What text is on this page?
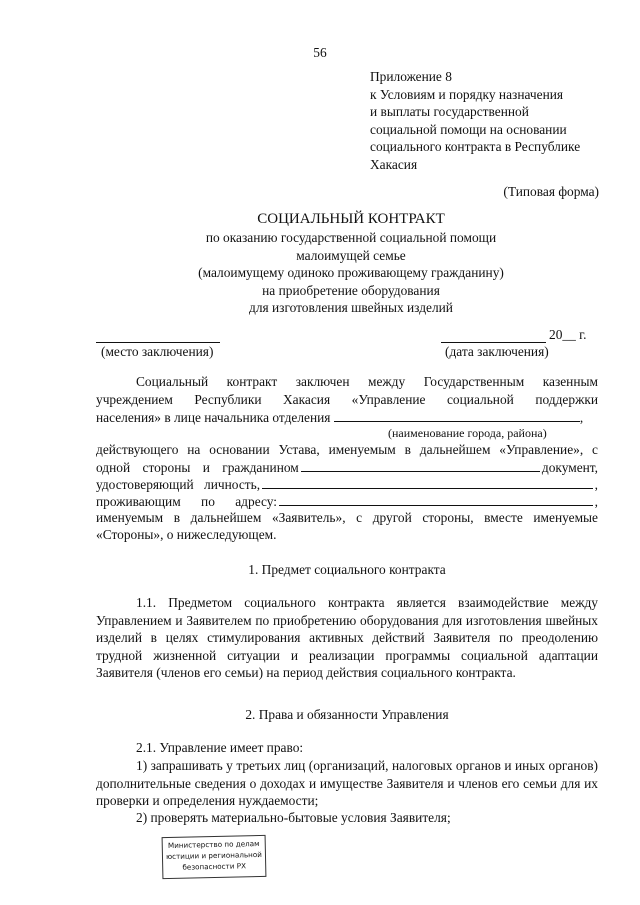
56
Приложение 8
к Условиям и порядку назначения
и выплаты государственной
социальной помощи на основании
социального контракта в Республике
Хакасия
(Типовая форма)
СОЦИАЛЬНЫЙ КОНТРАКТ
по оказанию государственной социальной помощи
малоимущей семье
(малоимущему одиноко проживающему гражданину)
на приобретение оборудования
для изготовления швейных изделий
(место заключения)
20__ г.
(дата заключения)
Социальный контракт заключен между Государственным казенным
учреждением Республики Хакасия «Управление социальной поддержки
населения» в лице начальника отделения	,
(наименование города, района)
действующего на основании Устава, именуемым в дальнейшем «Управление», с
одной стороны и гражданином	документ,
удостоверяющий личность,	,
проживающим по адресу:	,
именуемым в дальнейшем «Заявитель», с другой стороны, вместе именуемые
«Стороны», о нижеследующем.
1. Предмет социального контракта
1.1. Предметом социального контракта является взаимодействие между Управлением и Заявителем по приобретению оборудования для изготовления швейных изделий в целях стимулирования активных действий Заявителя по преодолению трудной жизненной ситуации и реализации программы социальной адаптации Заявителя (членов его семьи) на период действия социального контракта.
2. Права и обязанности Управления
2.1. Управление имеет право:
1) запрашивать у третьих лиц (организаций, налоговых органов и иных органов) дополнительные сведения о доходах и имуществе Заявителя и членов его семьи для их проверки и определения нуждаемости;
2) проверять материально-бытовые условия Заявителя;
Министерство по делам
юстиции и региональной
безопасности РХ
